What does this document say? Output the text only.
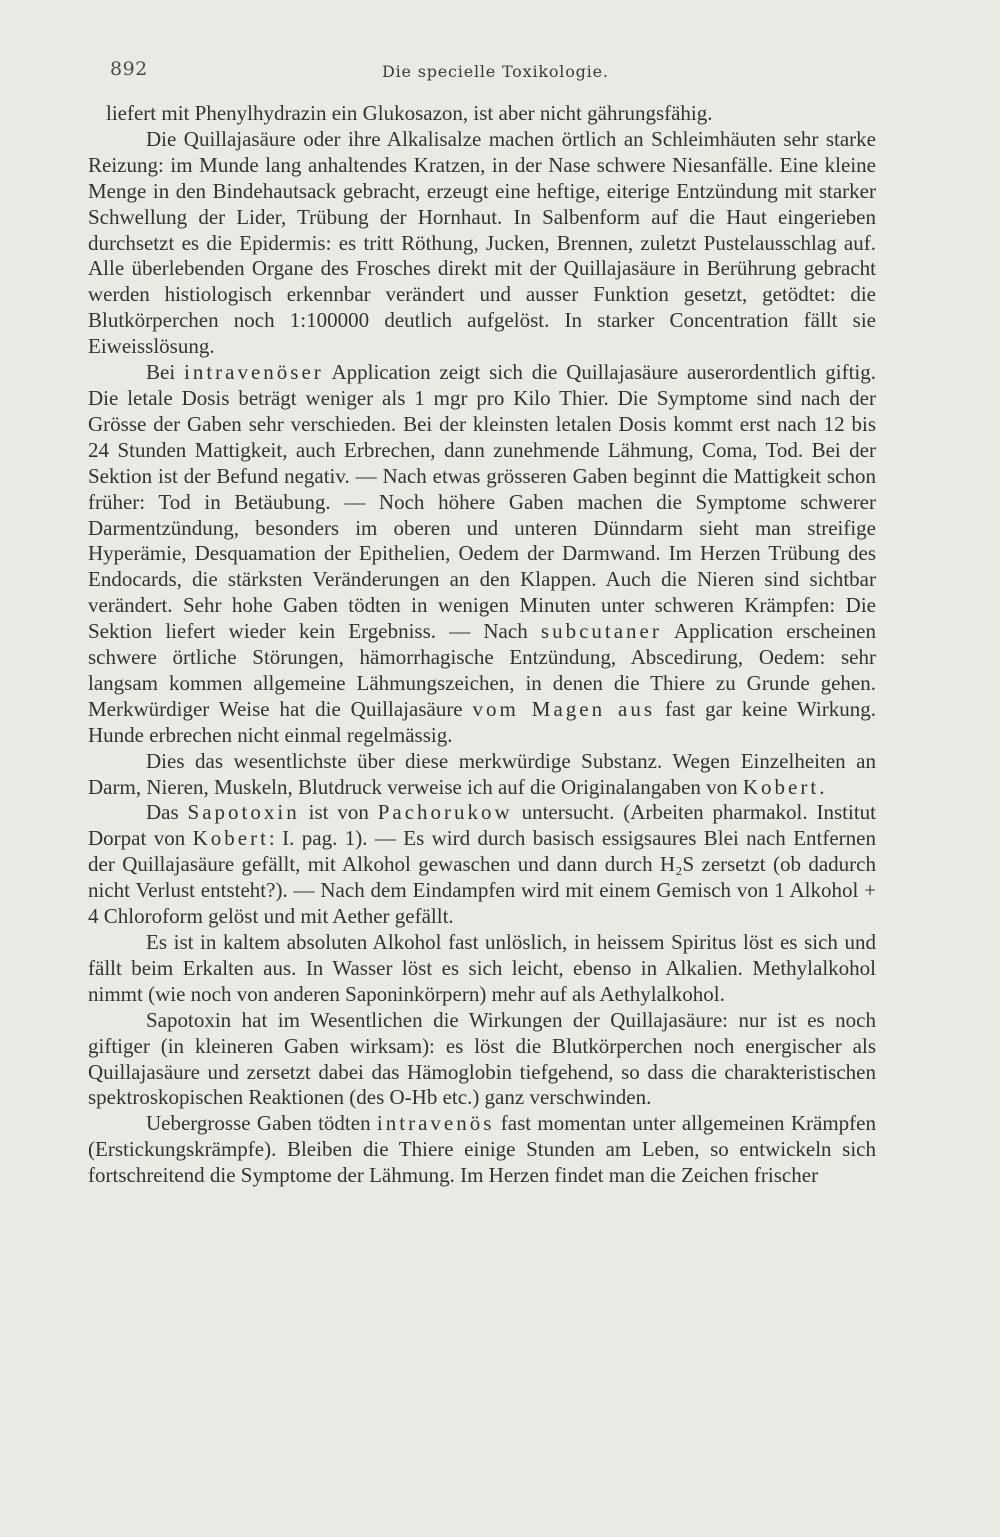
892	Die specielle Toxikologie.

liefert mit Phenylhydrazin ein Glukosazon, ist aber nicht gährungsfähig.

Die Quillajasäure oder ihre Alkalisalze machen örtlich an Schleimhäuten sehr starke Reizung: im Munde lang anhaltendes Kratzen, in der Nase schwere Niesanfälle. Eine kleine Menge in den Bindehautsack gebracht, erzeugt eine heftige, eiterige Entzündung mit starker Schwellung der Lider, Trübung der Hornhaut. In Salbenform auf die Haut eingerieben durchsetzt es die Epidermis: es tritt Röthung, Jucken, Brennen, zuletzt Pustelausschlag auf. Alle überlebenden Organe des Frosches direkt mit der Quillajasäure in Berührung gebracht werden histiologisch erkennbar verändert und ausser Funktion gesetzt, getödtet: die Blutkörperchen noch 1:100000 deutlich aufgelöst. In starker Concentration fällt sie Eiweisslösung.

Bei intravenöser Application zeigt sich die Quillajasäure auserordentlich giftig. Die letale Dosis beträgt weniger als 1 mgr pro Kilo Thier. Die Symptome sind nach der Grösse der Gaben sehr verschieden. Bei der kleinsten letalen Dosis kommt erst nach 12 bis 24 Stunden Mattigkeit, auch Erbrechen, dann zunehmende Lähmung, Coma, Tod. Bei der Sektion ist der Befund negativ. — Nach etwas grösseren Gaben beginnt die Mattigkeit schon früher: Tod in Betäubung. — Noch höhere Gaben machen die Symptome schwerer Darmentzündung, besonders im oberen und unteren Dünndarm sieht man streifige Hyperämie, Desquamation der Epithelien, Oedem der Darmwand. Im Herzen Trübung des Endocards, die stärksten Veränderungen an den Klappen. Auch die Nieren sind sichtbar verändert. Sehr hohe Gaben tödten in wenigen Minuten unter schweren Krämpfen: Die Sektion liefert wieder kein Ergebniss. — Nach subcutaner Application erscheinen schwere örtliche Störungen, hämorrhagische Entzündung, Abscedirung, Oedem: sehr langsam kommen allgemeine Lähmungszeichen, in denen die Thiere zu Grunde gehen. Merkwürdiger Weise hat die Quillajasäure vom Magen aus fast gar keine Wirkung. Hunde erbrechen nicht einmal regelmässig.

Dies das wesentlichste über diese merkwürdige Substanz. Wegen Einzelheiten an Darm, Nieren, Muskeln, Blutdruck verweise ich auf die Originalangaben von Kobert.

Das Sapotoxin ist von Pachorukow untersucht. (Arbeiten pharmakol. Institut Dorpat von Kobert: I. pag. 1). — Es wird durch basisch essigsaures Blei nach Entfernen der Quillajasäure gefällt, mit Alkohol gewaschen und dann durch H₂S zersetzt (ob dadurch nicht Verlust entsteht?). — Nach dem Eindampfen wird mit einem Gemisch von 1 Alkohol + 4 Chloroform gelöst und mit Aether gefällt.

Es ist in kaltem absoluten Alkohol fast unlöslich, in heissem Spiritus löst es sich und fällt beim Erkalten aus. In Wasser löst es sich leicht, ebenso in Alkalien. Methylalkohol nimmt (wie noch von anderen Saponinkörpern) mehr auf als Aethylalkohol.

Sapotoxin hat im Wesentlichen die Wirkungen der Quillajasäure: nur ist es noch giftiger (in kleineren Gaben wirksam): es löst die Blutkörperchen noch energischer als Quillajasäure und zersetzt dabei das Hämoglobin tiefgehend, so dass die charakteristischen spektroskopischen Reaktionen (des O-Hb etc.) ganz verschwinden.

Uebergrosse Gaben tödten intravenös fast momentan unter allgemeinen Krämpfen (Erstickungskrämpfe). Bleiben die Thiere einige Stunden am Leben, so entwickeln sich fortschreitend die Symptome der Lähmung. Im Herzen findet man die Zeichen frischer
